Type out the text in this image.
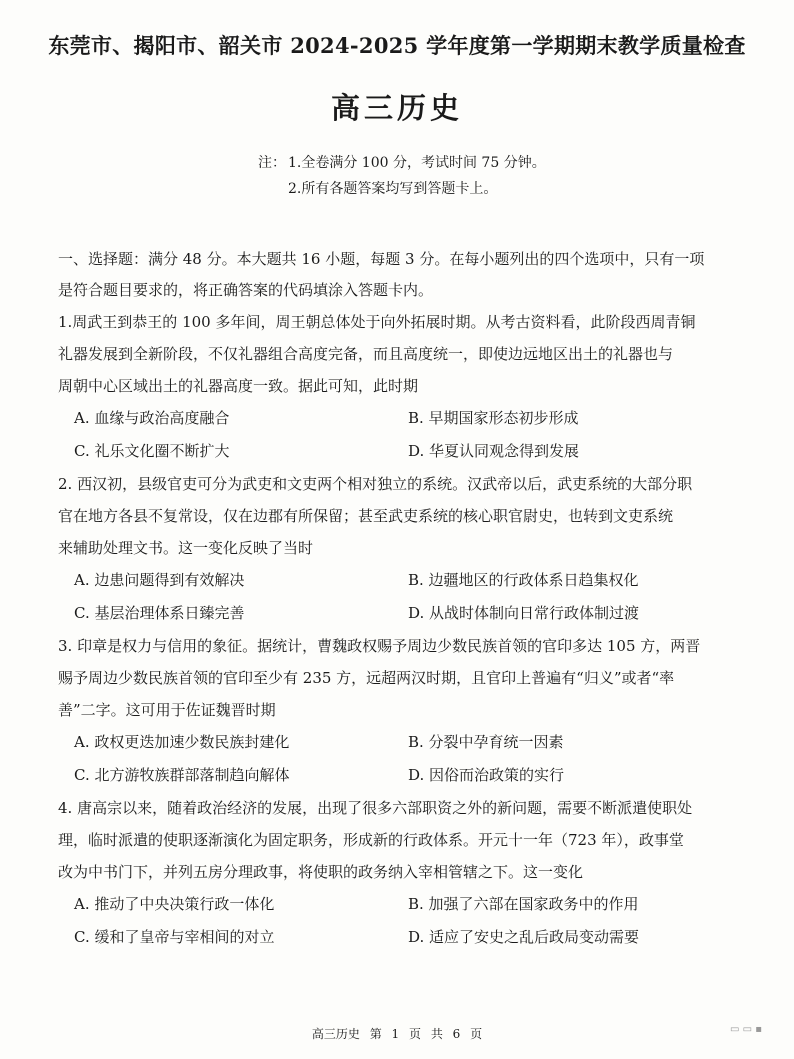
东莞市、揭阳市、韶关市 2024-2025 学年度第一学期期末教学质量检查
高三历史
注： 1.全卷满分 100 分，考试时间 75 分钟。
2.所有各题答案均写到答题卡上。
一、选择题：满分 48 分。本大题共 16 小题，每题 3 分。在每小题列出的四个选项中，只有一项
是符合题目要求的，将正确答案的代码填涂入答题卡内。
1.周武王到恭王的 100 多年间，周王朝总体处于向外拓展时期。从考古资料看，此阶段西周青铜
礼器发展到全新阶段，不仅礼器组合高度完备，而且高度统一，即使边远地区出土的礼器也与
周朝中心区域出土的礼器高度一致。据此可知，此时期
A. 血缘与政治高度融合	B. 早期国家形态初步形成
C. 礼乐文化圈不断扩大	D. 华夏认同观念得到发展
2. 西汉初，县级官吏可分为武吏和文吏两个相对独立的系统。汉武帝以后，武吏系统的大部分职
官在地方各县不复常设，仅在边郡有所保留；甚至武吏系统的核心职官尉史，也转到文吏系统
来辅助处理文书。这一变化反映了当时
A. 边患问题得到有效解决	B. 边疆地区的行政体系日趋集权化
C. 基层治理体系日臻完善	D. 从战时体制向日常行政体制过渡
3. 印章是权力与信用的象征。据统计，曹魏政权赐予周边少数民族首领的官印多达 105 方，两晋
赐予周边少数民族首领的官印至少有 235 方，远超两汉时期，且官印上普遍有“归义”或者“率
善”二字。这可用于佐证魏晋时期
A. 政权更迭加速少数民族封建化	B. 分裂中孕育统一因素
C. 北方游牧族群部落制趋向解体	D. 因俗而治政策的实行
4. 唐高宗以来，随着政治经济的发展，出现了很多六部职资之外的新问题，需要不断派遣使职处
理，临时派遣的使职逐渐演化为固定职务，形成新的行政体系。开元十一年（723 年），政事堂
改为中书门下，并列五房分理政事，将使职的政务纳入宰相管辖之下。这一变化
A. 推动了中央决策行政一体化	B. 加强了六部在国家政务中的作用
C. 缓和了皇帝与宰相间的对立	D. 适应了安史之乱后政局变动需要
高三历史 第 1 页 共 6 页	▭ ▭ ▪
